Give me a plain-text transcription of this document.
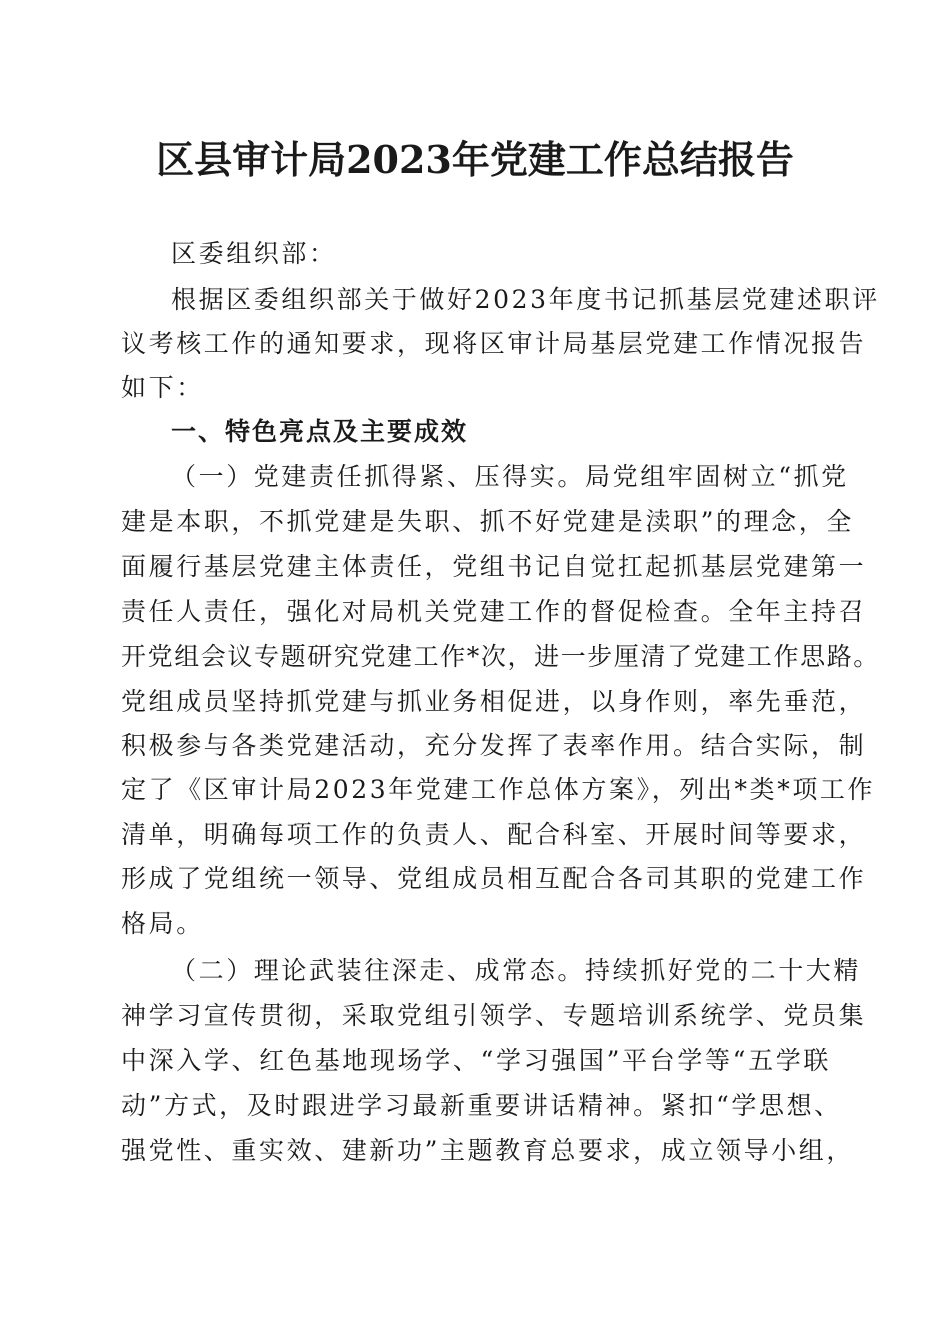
区县审计局2023年党建工作总结报告
区委组织部：
根据区委组织部关于做好2023年度书记抓基层党建述职评
议考核工作的通知要求，现将区审计局基层党建工作情况报告
如下：
一、特色亮点及主要成效
（一）党建责任抓得紧、压得实。局党组牢固树立“抓党
建是本职，不抓党建是失职、抓不好党建是渎职”的理念，全
面履行基层党建主体责任，党组书记自觉扛起抓基层党建第一
责任人责任，强化对局机关党建工作的督促检查。全年主持召
开党组会议专题研究党建工作*次，进一步厘清了党建工作思路。
党组成员坚持抓党建与抓业务相促进，以身作则，率先垂范，
积极参与各类党建活动，充分发挥了表率作用。结合实际，制
定了《区审计局2023年党建工作总体方案》，列出*类*项工作
清单，明确每项工作的负责人、配合科室、开展时间等要求，
形成了党组统一领导、党组成员相互配合各司其职的党建工作
格局。
（二）理论武装往深走、成常态。持续抓好党的二十大精
神学习宣传贯彻，采取党组引领学、专题培训系统学、党员集
中深入学、红色基地现场学、“学习强国”平台学等“五学联
动”方式，及时跟进学习最新重要讲话精神。紧扣“学思想、
强党性、重实效、建新功”主题教育总要求，成立领导小组，
